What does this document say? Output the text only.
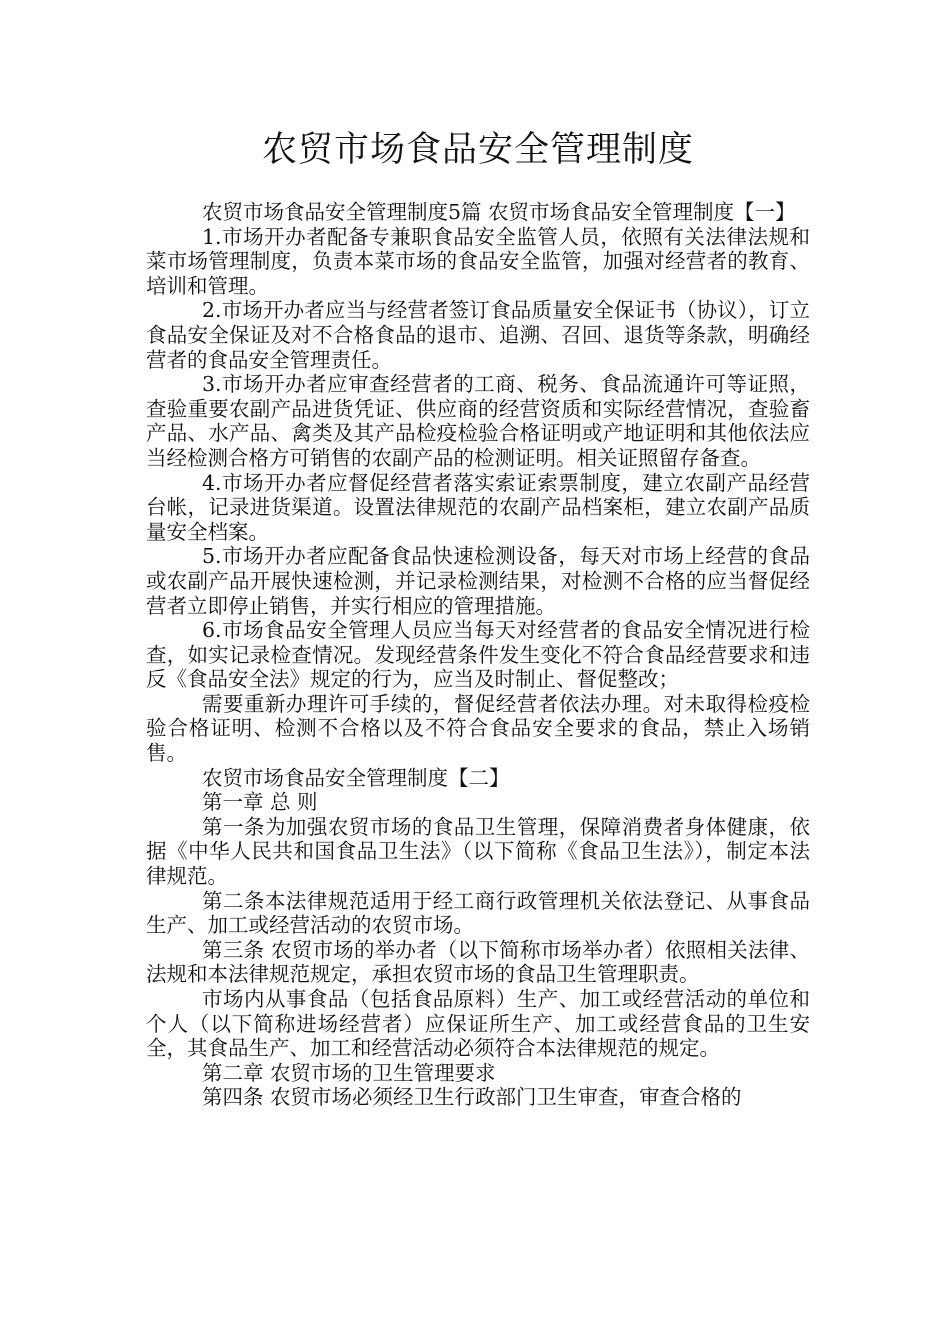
农贸市场食品安全管理制度

农贸市场食品安全管理制度5篇 农贸市场食品安全管理制度【一】

1.市场开办者配备专兼职食品安全监管人员，依照有关法律法规和菜市场管理制度，负责本菜市场的食品安全监管，加强对经营者的教育、培训和管理。

2.市场开办者应当与经营者签订食品质量安全保证书（协议），订立食品安全保证及对不合格食品的退市、追溯、召回、退货等条款，明确经营者的食品安全管理责任。

3.市场开办者应审查经营者的工商、税务、食品流通许可等证照，查验重要农副产品进货凭证、供应商的经营资质和实际经营情况，查验畜产品、水产品、禽类及其产品检疫检验合格证明或产地证明和其他依法应当经检测合格方可销售的农副产品的检测证明。相关证照留存备查。

4.市场开办者应督促经营者落实索证索票制度，建立农副产品经营台帐，记录进货渠道。设置法律规范的农副产品档案柜，建立农副产品质量安全档案。

5.市场开办者应配备食品快速检测设备，每天对市场上经营的食品或农副产品开展快速检测，并记录检测结果，对检测不合格的应当督促经营者立即停止销售，并实行相应的管理措施。

6.市场食品安全管理人员应当每天对经营者的食品安全情况进行检查，如实记录检查情况。发现经营条件发生变化不符合食品经营要求和违反《食品安全法》规定的行为，应当及时制止、督促整改；

需要重新办理许可手续的，督促经营者依法办理。对未取得检疫检验合格证明、检测不合格以及不符合食品安全要求的食品，禁止入场销售。

农贸市场食品安全管理制度【二】

第一章 总 则

第一条为加强农贸市场的食品卫生管理，保障消费者身体健康，依据《中华人民共和国食品卫生法》（以下简称《食品卫生法》），制定本法律规范。

第二条本法律规范适用于经工商行政管理机关依法登记、从事食品生产、加工或经营活动的农贸市场。

第三条 农贸市场的举办者（以下简称市场举办者）依照相关法律、法规和本法律规范规定，承担农贸市场的食品卫生管理职责。

市场内从事食品（包括食品原料）生产、加工或经营活动的单位和个人（以下简称进场经营者）应保证所生产、加工或经营食品的卫生安全，其食品生产、加工和经营活动必须符合本法律规范的规定。

第二章 农贸市场的卫生管理要求

第四条 农贸市场必须经卫生行政部门卫生审查，审查合格的
